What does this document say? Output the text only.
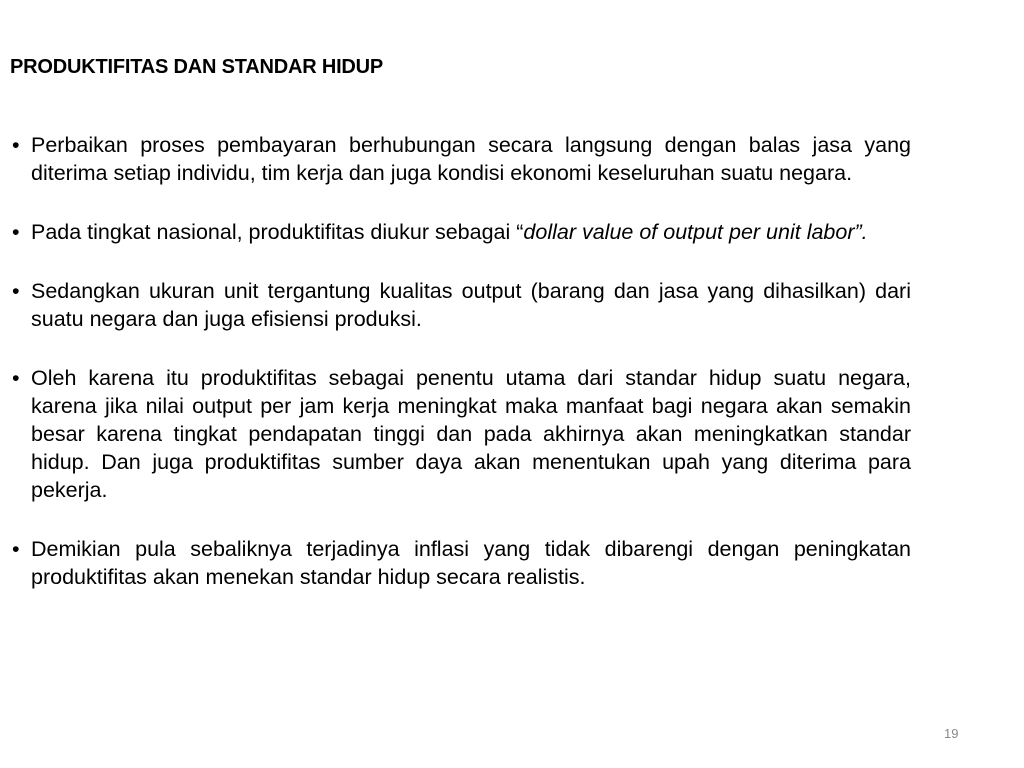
PRODUKTIFITAS DAN STANDAR HIDUP
• Perbaikan proses pembayaran berhubungan secara langsung dengan balas jasa yang diterima setiap individu, tim kerja dan juga kondisi ekonomi keseluruhan suatu negara.
• Pada tingkat nasional, produktifitas diukur sebagai “dollar value of output per unit labor”.
• Sedangkan ukuran unit tergantung kualitas output (barang dan jasa yang dihasilkan) dari suatu negara dan juga efisiensi produksi.
• Oleh karena itu produktifitas sebagai penentu utama dari standar hidup suatu negara, karena jika nilai output per jam kerja meningkat maka manfaat bagi negara akan semakin besar karena tingkat pendapatan tinggi dan pada akhirnya akan meningkatkan standar hidup. Dan juga produktifitas sumber daya akan menentukan upah yang diterima para pekerja.
• Demikian pula sebaliknya terjadinya inflasi yang tidak dibarengi dengan peningkatan produktifitas akan menekan standar hidup secara realistis.
19
